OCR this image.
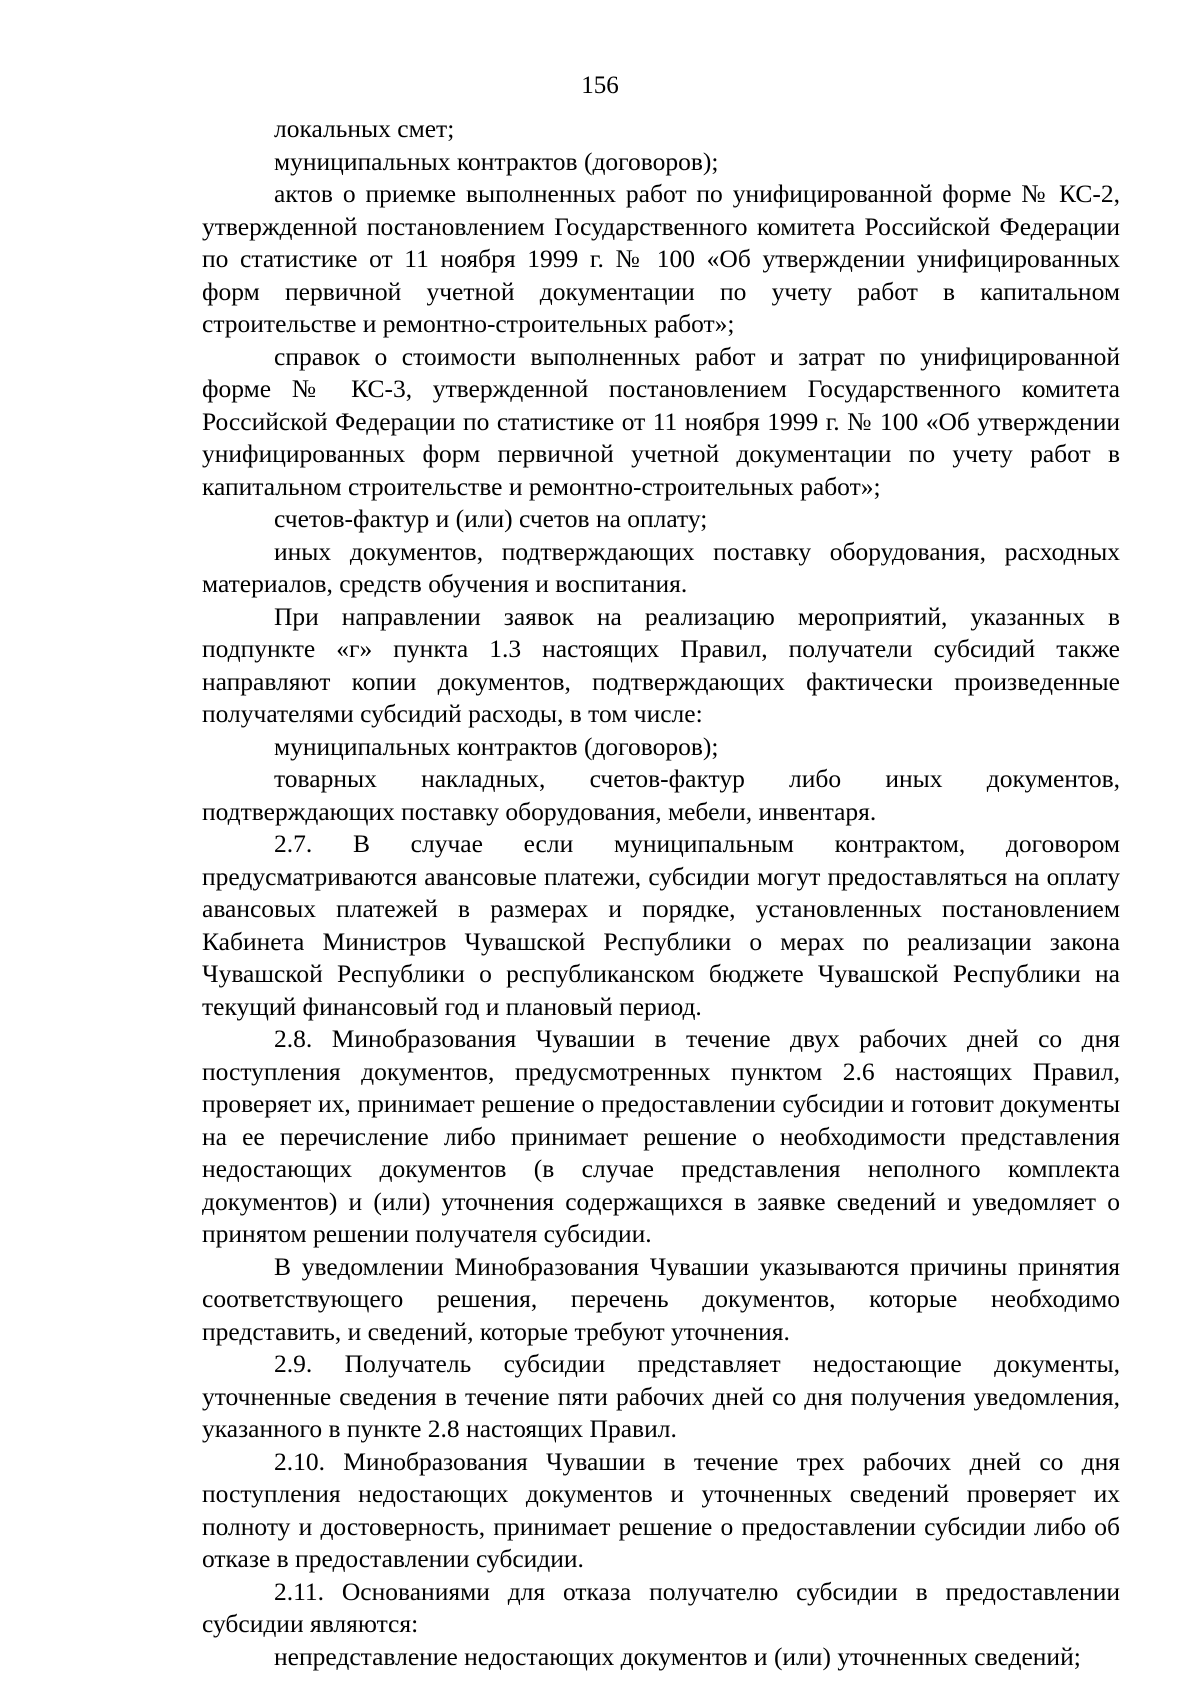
156

локальных смет;

муниципальных контрактов (договоров);

актов о приемке выполненных работ по унифицированной форме № КС-2, утвержденной постановлением Государственного комитета Российской Федерации по статистике от 11 ноября 1999 г. № 100 «Об утверждении унифицированных форм первичной учетной документации по учету работ в капитальном строительстве и ремонтно-строительных работ»;

справок о стоимости выполненных работ и затрат по унифицированной форме № КС-3, утвержденной постановлением Государственного комитета Российской Федерации по статистике от 11 ноября 1999 г. № 100 «Об утверждении унифицированных форм первичной учетной документации по учету работ в капитальном строительстве и ремонтно-строительных работ»;

счетов-фактур и (или) счетов на оплату;

иных документов, подтверждающих поставку оборудования, расходных материалов, средств обучения и воспитания.

При направлении заявок на реализацию мероприятий, указанных в подпункте «г» пункта 1.3 настоящих Правил, получатели субсидий также направляют копии документов, подтверждающих фактически произведенные получателями субсидий расходы, в том числе:

муниципальных контрактов (договоров);

товарных накладных, счетов-фактур либо иных документов, подтверждающих поставку оборудования, мебели, инвентаря.

2.7. В случае если муниципальным контрактом, договором предусматриваются авансовые платежи, субсидии могут предоставляться на оплату авансовых платежей в размерах и порядке, установленных постановлением Кабинета Министров Чувашской Республики о мерах по реализации закона Чувашской Республики о республиканском бюджете Чувашской Республики на текущий финансовый год и плановый период.

2.8. Минобразования Чувашии в течение двух рабочих дней со дня поступления документов, предусмотренных пунктом 2.6 настоящих Правил, проверяет их, принимает решение о предоставлении субсидии и готовит документы на ее перечисление либо принимает решение о необходимости представления недостающих документов (в случае представления неполного комплекта документов) и (или) уточнения содержащихся в заявке сведений и уведомляет о принятом решении получателя субсидии.

В уведомлении Минобразования Чувашии указываются причины принятия соответствующего решения, перечень документов, которые необходимо представить, и сведений, которые требуют уточнения.

2.9. Получатель субсидии представляет недостающие документы, уточненные сведения в течение пяти рабочих дней со дня получения уведомления, указанного в пункте 2.8 настоящих Правил.

2.10. Минобразования Чувашии в течение трех рабочих дней со дня поступления недостающих документов и уточненных сведений проверяет их полноту и достоверность, принимает решение о предоставлении субсидии либо об отказе в предоставлении субсидии.

2.11. Основаниями для отказа получателю субсидии в предоставлении субсидии являются:

непредставление недостающих документов и (или) уточненных сведений;
